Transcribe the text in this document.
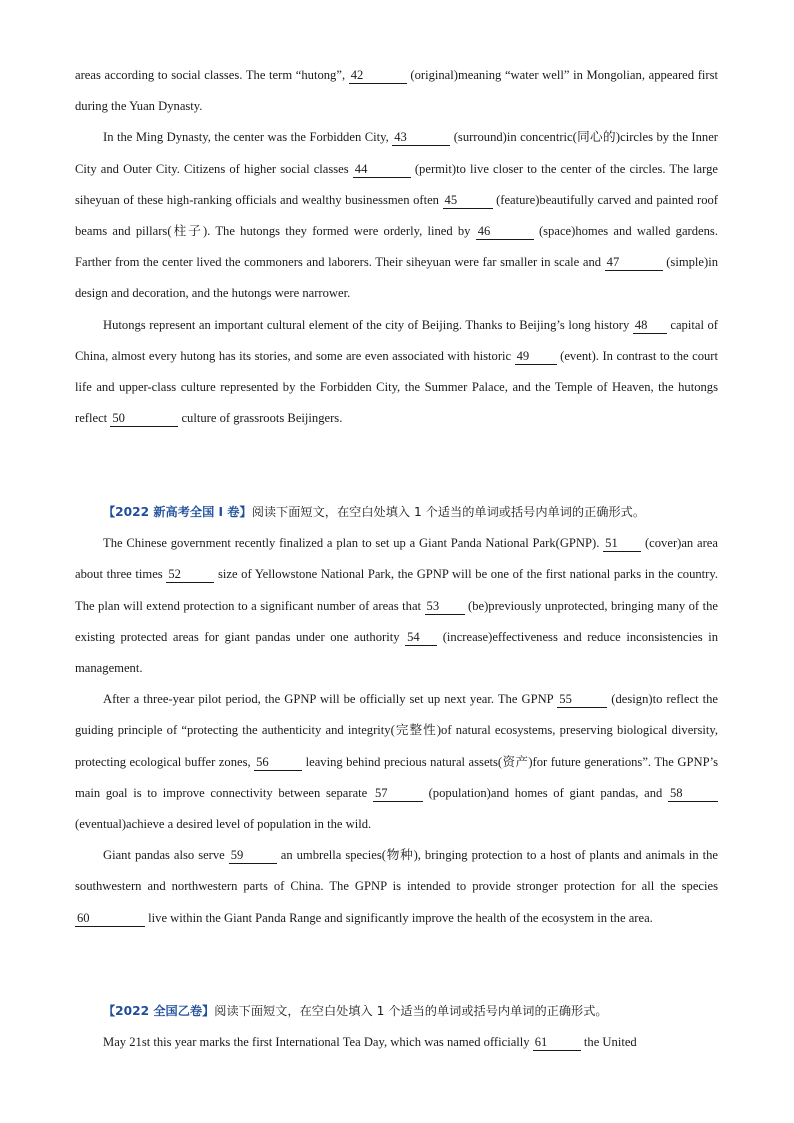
areas according to social classes. The term “hutong”, 42	(original)meaning “water well” in Mongolian, appeared first during the Yuan Dynasty.

In the Ming Dynasty, the center was the Forbidden City, 43	(surround)in concentric(同心的)circles by the Inner City and Outer City. Citizens of higher social classes 44	(permit)to live closer to the center of the circles. The large siheyuan of these high-ranking officials and wealthy businessmen often 45	(feature)beautifully carved and painted roof beams and pillars(柱子). The hutongs they formed were orderly, lined by 46	(space)homes and walled gardens. Farther from the center lived the commoners and laborers. Their siheyuan were far smaller in scale and 47	(simple)in design and decoration, and the hutongs were narrower.

Hutongs represent an important cultural element of the city of Beijing. Thanks to Beijing’s long history 48 capital of China, almost every hutong has its stories, and some are even associated with historic 49 (event). In contrast to the court life and upper-class culture represented by the Forbidden City, the Summer Palace, and the Temple of Heaven, the hutongs reflect 50	culture of grassroots Beijingers.

【2022 新高考全国 I 卷】阅读下面短文，在空白处填入 1 个适当的单词或括号内单词的正确形式。

The Chinese government recently finalized a plan to set up a Giant Panda National Park(GPNP). 51 (cover)an area about three times 52	size of Yellowstone National Park, the GPNP will be one of the first national parks in the country. The plan will extend protection to a significant number of areas that 53 (be)previously unprotected, bringing many of the existing protected areas for giant pandas under one authority 54 (increase)effectiveness and reduce inconsistencies in management.

After a three-year pilot period, the GPNP will be officially set up next year. The GPNP 55	(design)to reflect the guiding principle of “protecting the authenticity and integrity(完整性)of natural ecosystems, preserving biological diversity, protecting ecological buffer zones, 56	leaving behind precious natural assets(资产)for future generations”. The GPNP’s main goal is to improve connectivity between separate 57	(population)and homes of giant pandas, and 58 (eventual)achieve a desired level of population in the wild.

Giant pandas also serve 59	an umbrella species(物种), bringing protection to a host of plants and animals in the southwestern and northwestern parts of China. The GPNP is intended to provide stronger protection for all the species 60	live within the Giant Panda Range and significantly improve the health of the ecosystem in the area.

【2022 全国乙卷】阅读下面短文，在空白处填入 1 个适当的单词或括号内单词的正确形式。

May 21st this year marks the first International Tea Day, which was named officially 61	the United
